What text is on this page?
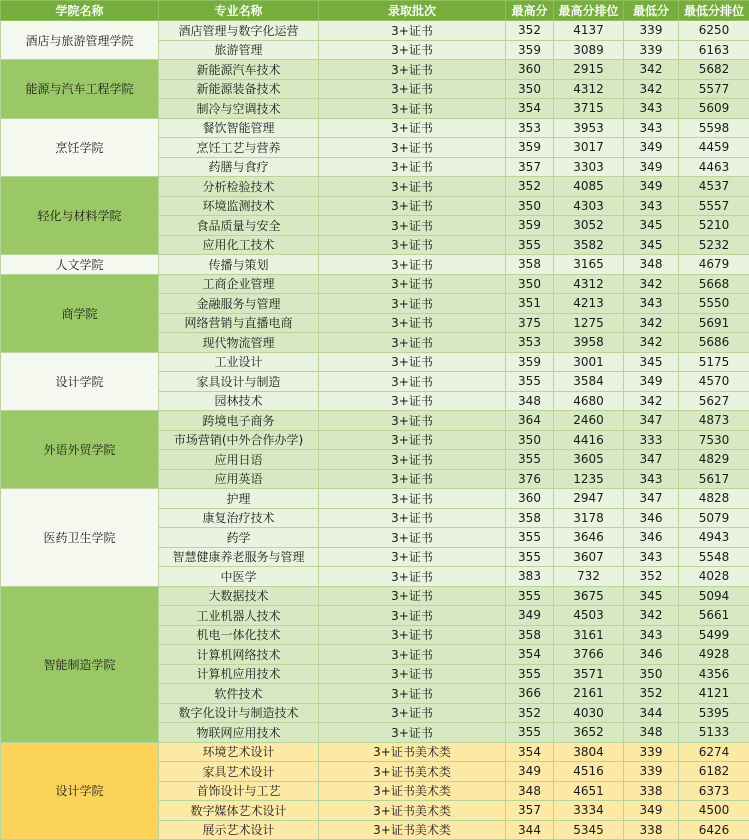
学院名称	专业名称	录取批次	最高分	最高分排位	最低分	最低分排位
酒店与旅游管理学院	酒店管理与数字化运营	3+证书	352	4137	339	6250
	旅游管理	3+证书	359	3089	339	6163
能源与汽车工程学院	新能源汽车技术	3+证书	360	2915	342	5682
	新能源装备技术	3+证书	350	4312	342	5577
	制冷与空调技术	3+证书	354	3715	343	5609
烹饪学院	餐饮智能管理	3+证书	353	3953	343	5598
	烹饪工艺与营养	3+证书	359	3017	349	4459
	药膳与食疗	3+证书	357	3303	349	4463
轻化与材料学院	分析检验技术	3+证书	352	4085	349	4537
	环境监测技术	3+证书	350	4303	343	5557
	食品质量与安全	3+证书	359	3052	345	5210
	应用化工技术	3+证书	355	3582	345	5232
人文学院	传播与策划	3+证书	358	3165	348	4679
商学院	工商企业管理	3+证书	350	4312	342	5668
	金融服务与管理	3+证书	351	4213	343	5550
	网络营销与直播电商	3+证书	375	1275	342	5691
	现代物流管理	3+证书	353	3958	342	5686
设计学院	工业设计	3+证书	359	3001	345	5175
	家具设计与制造	3+证书	355	3584	349	4570
	园林技术	3+证书	348	4680	342	5627
外语外贸学院	跨境电子商务	3+证书	364	2460	347	4873
	市场营销(中外合作办学)	3+证书	350	4416	333	7530
	应用日语	3+证书	355	3605	347	4829
	应用英语	3+证书	376	1235	343	5617
医药卫生学院	护理	3+证书	360	2947	347	4828
	康复治疗技术	3+证书	358	3178	346	5079
	药学	3+证书	355	3646	346	4943
	智慧健康养老服务与管理	3+证书	355	3607	343	5548
	中医学	3+证书	383	732	352	4028
智能制造学院	大数据技术	3+证书	355	3675	345	5094
	工业机器人技术	3+证书	349	4503	342	5661
	机电一体化技术	3+证书	358	3161	343	5499
	计算机网络技术	3+证书	354	3766	346	4928
	计算机应用技术	3+证书	355	3571	350	4356
	软件技术	3+证书	366	2161	352	4121
	数字化设计与制造技术	3+证书	352	4030	344	5395
	物联网应用技术	3+证书	355	3652	348	5133
设计学院	环境艺术设计	3+证书美术类	354	3804	339	6274
	家具艺术设计	3+证书美术类	349	4516	339	6182
	首饰设计与工艺	3+证书美术类	348	4651	338	6373
	数字媒体艺术设计	3+证书美术类	357	3334	349	4500
	展示艺术设计	3+证书美术类	344	5345	338	6426
